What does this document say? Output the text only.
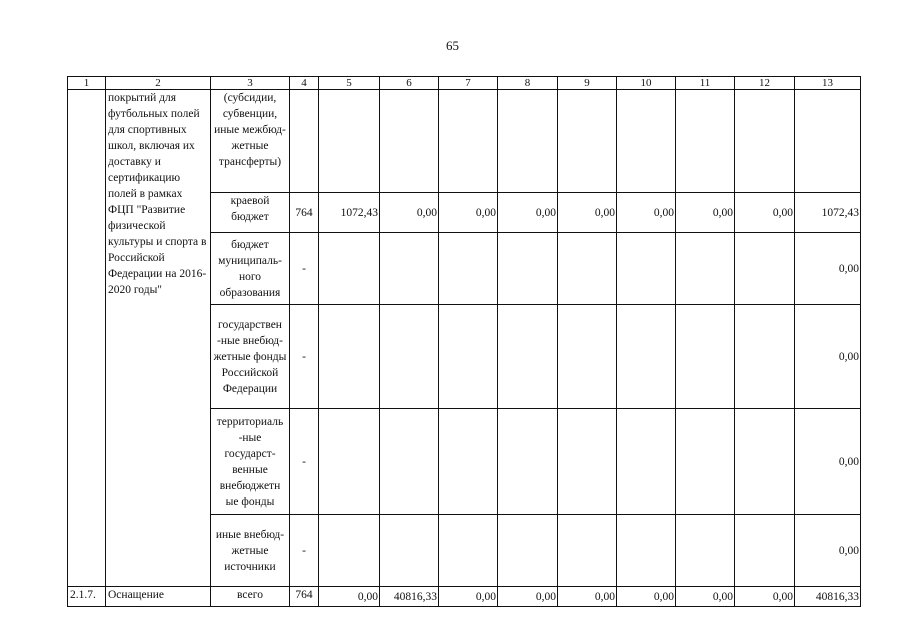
65
1	2	3	4	5	6	7	8	9	10	11	12	13
	покрытий для футбольных полей для спортивных школ, включая их доставку и сертификацию полей в рамках ФЦП "Развитие физической культуры и спорта в Российской Федерации на 2016-2020 годы"	(субсидии, субвенции, иные межбюд-жетные трансферты)										
		краевой бюджет	764	1072,43	0,00	0,00	0,00	0,00	0,00	0,00	0,00	1072,43
		бюджет муниципаль-ного образования	-									0,00
		государствен -ные внебюд-жетные фонды Российской Федерации	-									0,00
		территориаль -ные государст-венные внебюджетн ые фонды	-									0,00
		иные внебюд-жетные источники	-									0,00
2.1.7.	Оснащение	всего	764	0,00	40816,33	0,00	0,00	0,00	0,00	0,00	0,00	40816,33
